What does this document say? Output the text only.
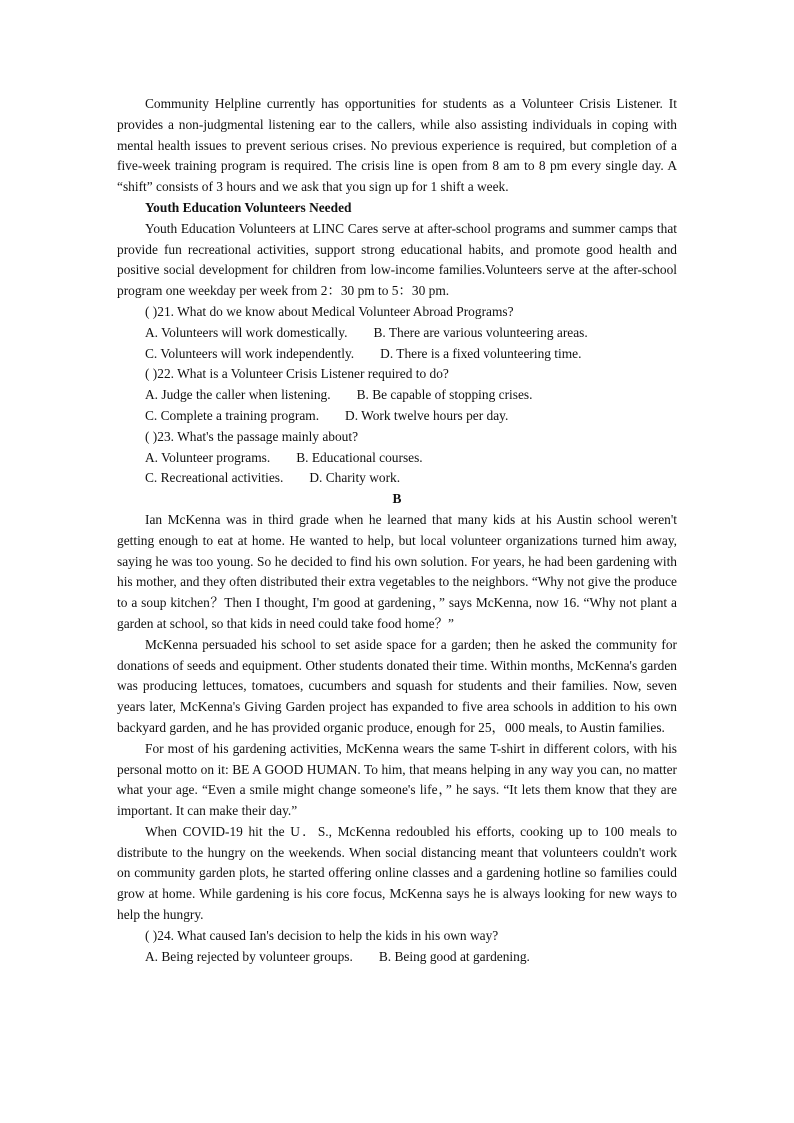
Community Helpline currently has opportunities for students as a Volunteer Crisis Listener. It provides a non-judgmental listening ear to the callers, while also assisting individuals in coping with mental health issues to prevent serious crises. No previous experience is required, but completion of a five-week training program is required. The crisis line is open from 8 am to 8 pm every single day. A “shift” consists of 3 hours and we ask that you sign up for 1 shift a week.

Youth Education Volunteers Needed

Youth Education Volunteers at LINC Cares serve at after-school programs and summer camps that provide fun recreational activities, support strong educational habits, and promote good health and positive social development for children from low-income families.Volunteers serve at the after-school program one weekday per week from 2：30 pm to 5：30 pm.

( )21. What do we know about Medical Volunteer Abroad Programs?

A. Volunteers will work domestically. B. There are various volunteering areas.

C. Volunteers will work independently. D. There is a fixed volunteering time.

( )22. What is a Volunteer Crisis Listener required to do?

A. Judge the caller when listening. B. Be capable of stopping crises.

C. Complete a training program. D. Work twelve hours per day.

( )23. What's the passage mainly about?

A. Volunteer programs. B. Educational courses.

C. Recreational activities. D. Charity work.

B

Ian McKenna was in third grade when he learned that many kids at his Austin school weren't getting enough to eat at home. He wanted to help, but local volunteer organizations turned him away, saying he was too young. So he decided to find his own solution. For years, he had been gardening with his mother, and they often distributed their extra vegetables to the neighbors. “Why not give the produce to a soup kitchen？Then I thought, I'm good at gardening，” says McKenna, now 16. “Why not plant a garden at school, so that kids in need could take food home？”

McKenna persuaded his school to set aside space for a garden; then he asked the community for donations of seeds and equipment. Other students donated their time. Within months, McKenna's garden was producing lettuces, tomatoes, cucumbers and squash for students and their families. Now, seven years later, McKenna's Giving Garden project has expanded to five area schools in addition to his own backyard garden, and he has provided organic produce, enough for 25，000 meals, to Austin families.

For most of his gardening activities, McKenna wears the same T-shirt in different colors, with his personal motto on it: BE A GOOD HUMAN. To him, that means helping in any way you can, no matter what your age. “Even a smile might change someone's life，” he says. “It lets them know that they are important. It can make their day.”

When COVID-19 hit the U．S., McKenna redoubled his efforts, cooking up to 100 meals to distribute to the hungry on the weekends. When social distancing meant that volunteers couldn't work on community garden plots, he started offering online classes and a gardening hotline so families could grow at home. While gardening is his core focus, McKenna says he is always looking for new ways to help the hungry.

( )24. What caused Ian's decision to help the kids in his own way?

A. Being rejected by volunteer groups. B. Being good at gardening.
